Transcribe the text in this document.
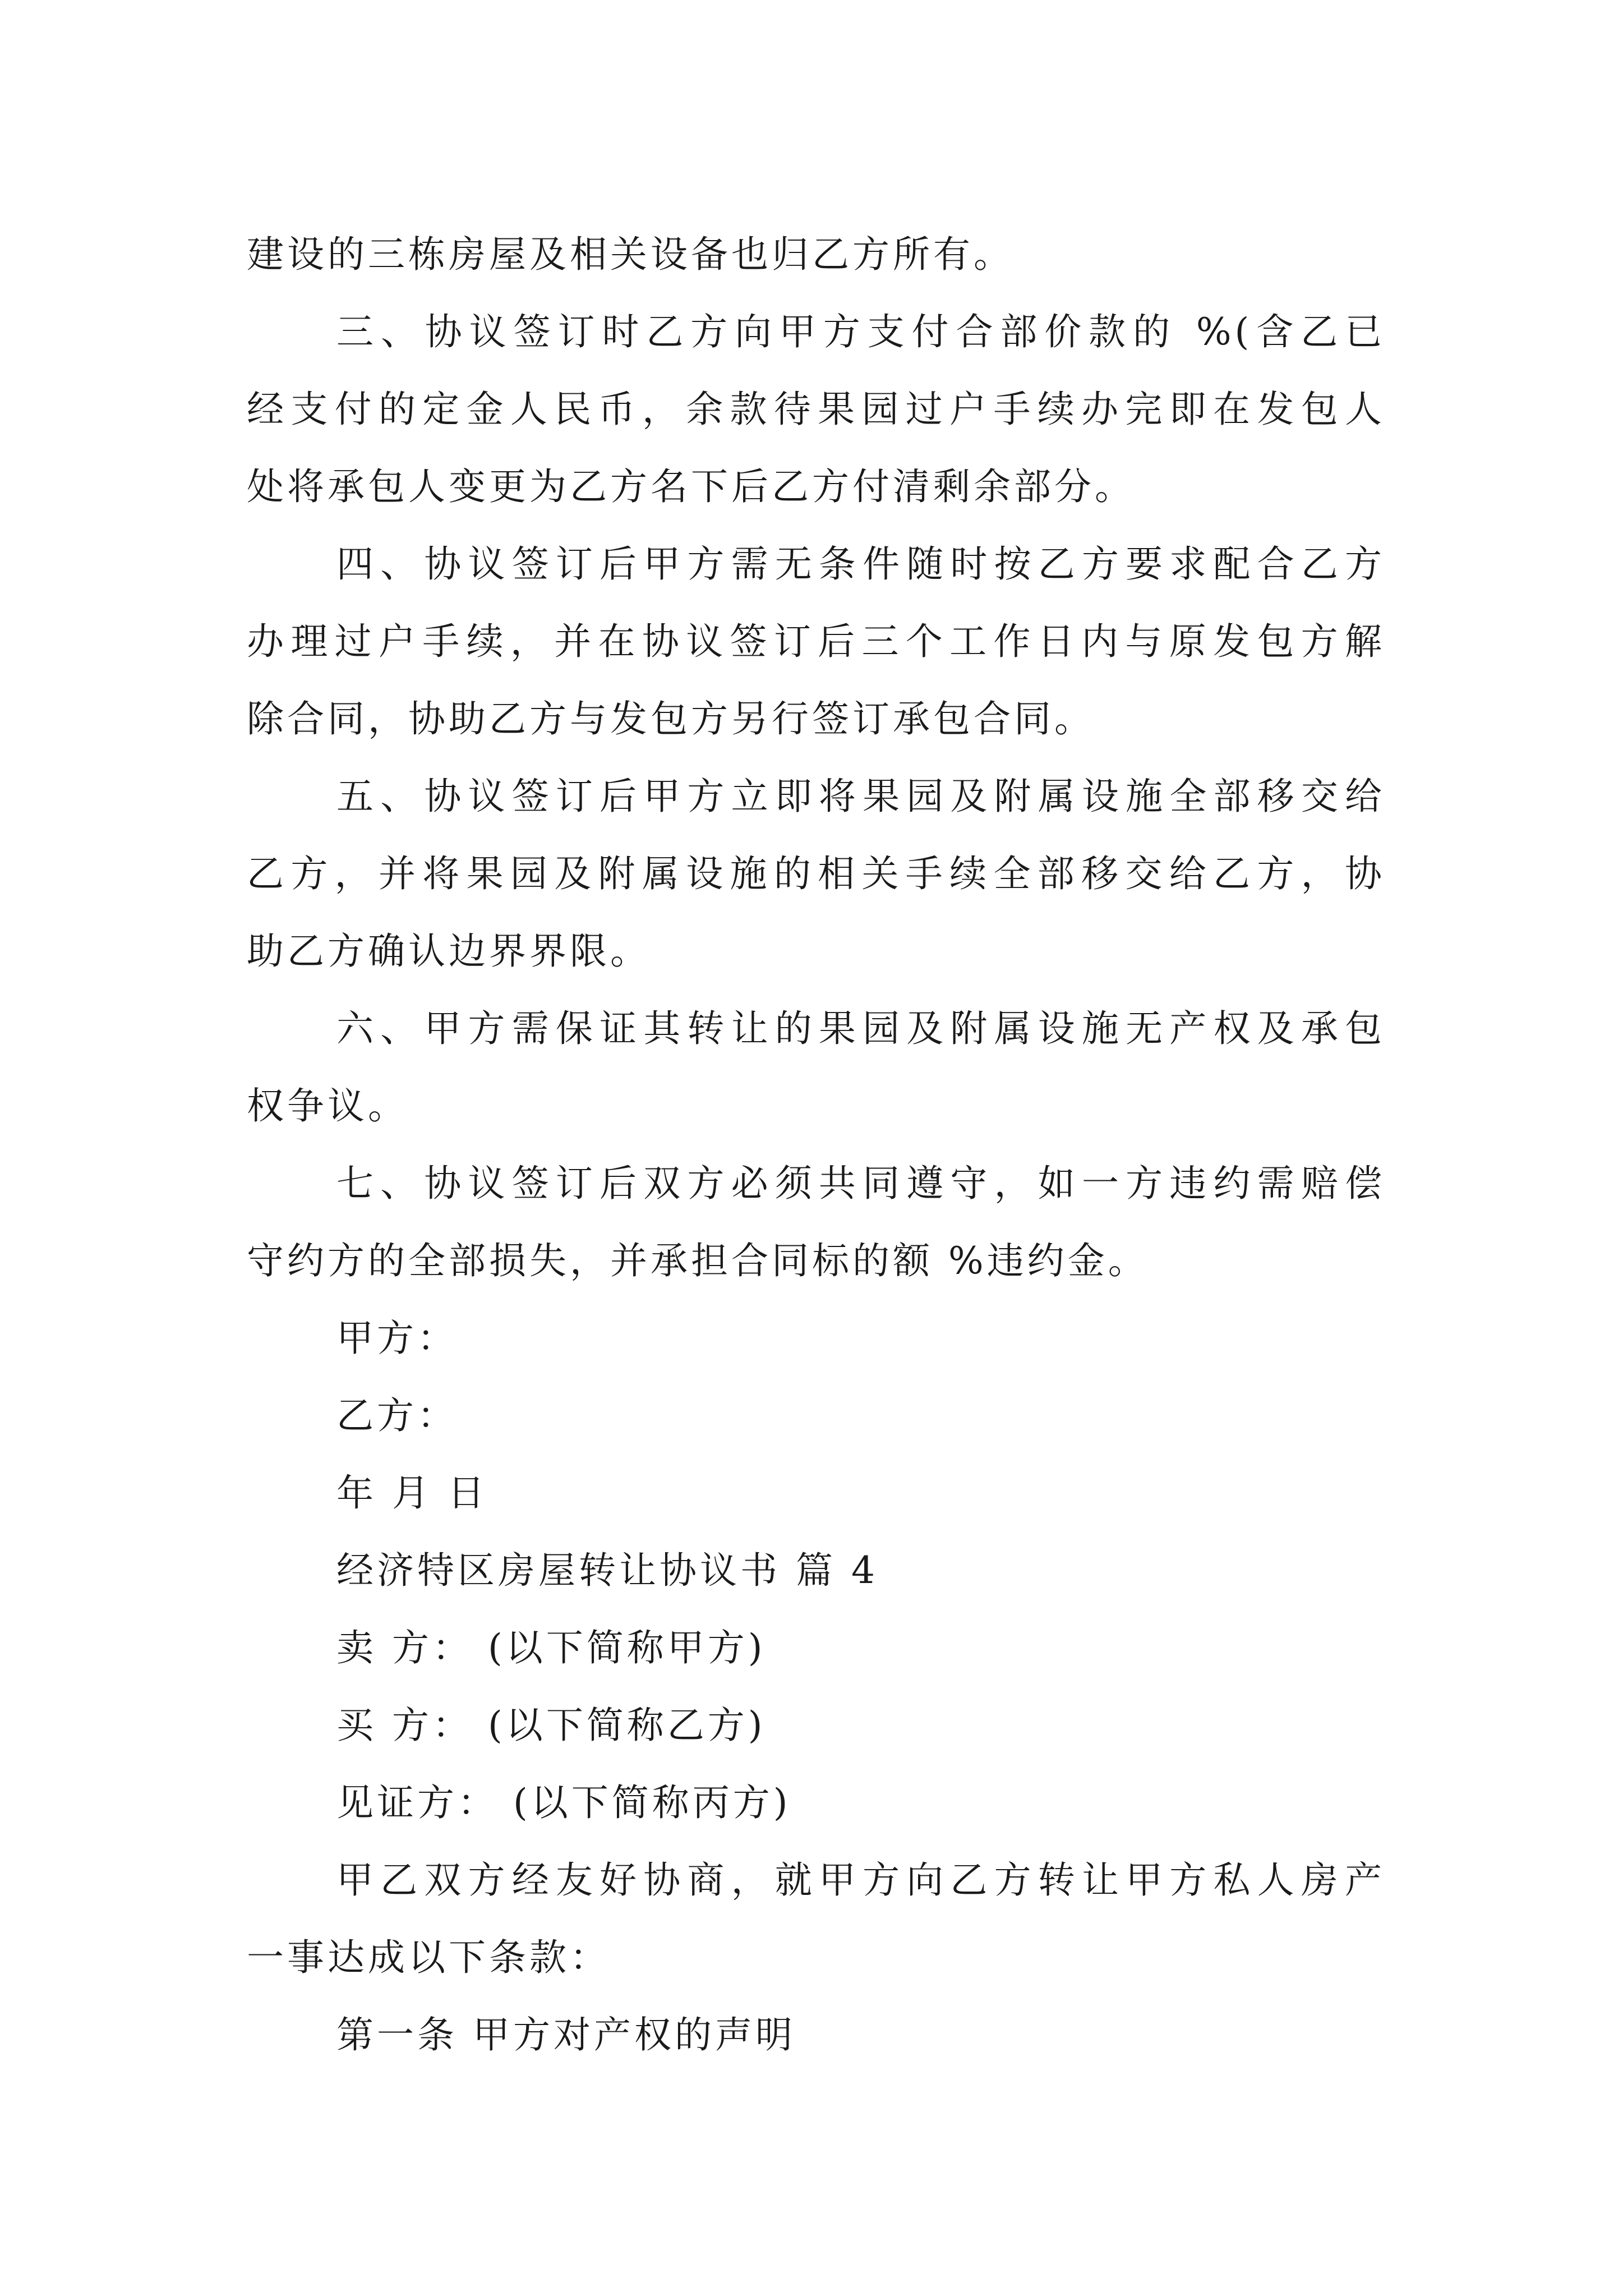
建设的三栋房屋及相关设备也归乙方所有。
三、协议签订时乙方向甲方支付合部价款的 %(含乙已
经支付的定金人民币，余款待果园过户手续办完即在发包人
处将承包人变更为乙方名下后乙方付清剩余部分。
四、协议签订后甲方需无条件随时按乙方要求配合乙方
办理过户手续，并在协议签订后三个工作日内与原发包方解
除合同，协助乙方与发包方另行签订承包合同。
五、协议签订后甲方立即将果园及附属设施全部移交给
乙方，并将果园及附属设施的相关手续全部移交给乙方，协
助乙方确认边界界限。
六、甲方需保证其转让的果园及附属设施无产权及承包
权争议。
七、协议签订后双方必须共同遵守，如一方违约需赔偿
守约方的全部损失，并承担合同标的额 %违约金。
甲方：
乙方：
年 月 日
经济特区房屋转让协议书 篇 4
卖 方： (以下简称甲方)
买 方： (以下简称乙方)
见证方： (以下简称丙方)
甲乙双方经友好协商，就甲方向乙方转让甲方私人房产
一事达成以下条款：
第一条 甲方对产权的声明
